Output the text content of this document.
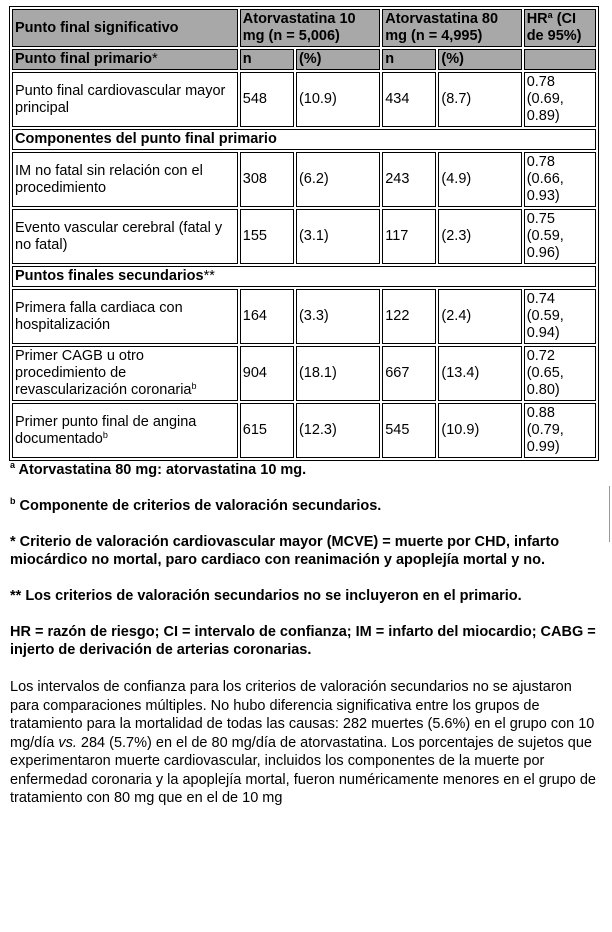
Punto final significativo	Atorvastatina 10 mg (n = 5,006)		Atorvastatina 80 mg (n = 4,995)		$HR^a$ (CI de 95%)
Punto final primario*	n	(%)	n	(%)	
Punto final cardiovascular mayor principal	548	(10.9)	434	(8.7)	0.78 (0.69, 0.89)
Componentes del punto final primario					
IM no fatal sin relación con el procedimiento	308	(6.2)	243	(4.9)	0.78 (0.66, 0.93)
Evento vascular cerebral (fatal y no fatal)	155	(3.1)	117	(2.3)	0.75 (0.59, 0.96)
Puntos finales secundarios**					
Primera falla cardiaca con hospitalización	164	(3.3)	122	(2.4)	0.74 (0.59, 0.94)
Primer CAGB u otro procedimiento de revascularización coronaria$^b$	904	(18.1)	667	(13.4)	0.72 (0.65, 0.80)
Primer punto final de angina documentado$^b$	615	(12.3)	545	(10.9)	0.88 (0.79, 0.99)

$^a$ Atorvastatina 80 mg: atorvastatina 10 mg.

$^b$ Componente de criterios de valoración secundarios.

* Criterio de valoración cardiovascular mayor (MCVE) = muerte por CHD, infarto miocárdico no mortal, paro cardiaco con reanimación y apoplejía mortal y no.

** Los criterios de valoración secundarios no se incluyeron en el primario.

HR = razón de riesgo; CI = intervalo de confianza; IM = infarto del miocardio; CABG = injerto de derivación de arterias coronarias.

Los intervalos de confianza para los criterios de valoración secundarios no se ajustaron para comparaciones múltiples. No hubo diferencia significativa entre los grupos de tratamiento para la mortalidad de todas las causas: 282 muertes (5.6%) en el grupo con 10 mg/día vs. 284 (5.7%) en el de 80 mg/día de atorvastatina. Los porcentajes de sujetos que experimentaron muerte cardiovascular, incluidos los componentes de la muerte por enfermedad coronaria y la apoplejía mortal, fueron numéricamente menores en el grupo de tratamiento con 80 mg que en el de 10 mg
